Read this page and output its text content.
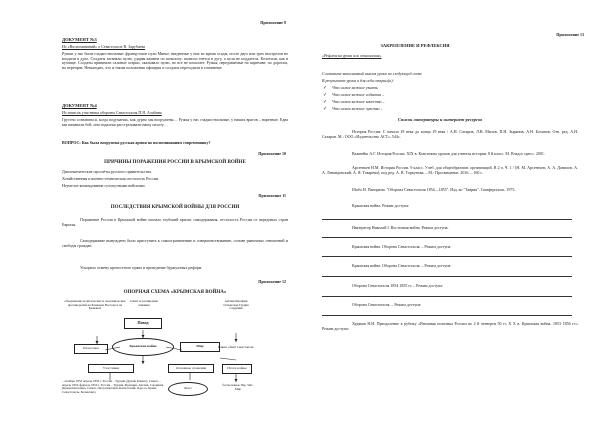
Приложение 9
ДОКУМЕНТ №3
Из «Воспоминаний» о Севастополе В. Зарубаева
Рушки у нас были гладкоствольные; французские пули Минье, введенные у них во время осады, после двух или трех выстрелов не входили в дуло. Солдаты заганяли пулю, ударяя камнем по шомполу; шомпол гнется в дугу, а пуля не поддается. Колотили, как в кузнице. Солдаты привязали сальные огарки, оказывало пулю, но все не помогает. Ружья, передаваемые на парениве, по дорогам, на переправ. Невыгодно, что и таким положения офицеры и солдаты переходили в сочинение.
ДОКУМЕНТ №4
Из записок участника обороны Севастополя П.Я. Алабина
Грустно сознаваться, когда подумаешь, как дурно мы вооружены… Ружья у нас гладкоствольные, у наших врагов – нарезные. Едва мы начинали бой, они издалека расстреливали нашу пехоту…
ВОПРОС: Как была вооружена русская армия по воспоминаниям современнику?
Приложение 10
ПРИЧИНЫ ПОРАЖЕНИЯ РОССИИ В КРЫМСКОЙ ВОЙНЕ
Дипломатические просчёты русского правительства.
Хозяйственная и военно-техническая отсталость России.
Неумелое командование сухопутными войсками.
Приложение 11
ПОСЛЕДСТВИЯ КРЫМСКОЙ ВОЙНЫ ДЛЯ РОССИИ
Поражение России в Крымской войне оказало глубокий кризис самодержавия, отсталость России от передовых стран Европы.
Самодержавие вынуждено было приступить к самоограничению и совершенствованию, основе рыночных отношений и свободы граждан.
Ускорило отмену крепостного права и проведение буржуазных реформ.
Приложение 12
ОПОРНАЯ СХЕМА «КРЫМСКАЯ ВОЙНА»
объединение политических и экономических противоречий на Ближнем Востоке и на Балканах
захват и расширение влияния
Повод
Англия Франция Османская Турция Сардиния
Палестина	Крымская война	Мир	Кавказ обвит Севастополь
Участники	Основные сражения	Итоги войны
– октябрь 1853 апрель 1856 г. Россия – Турция (Дунай, Кавказ), Синоп. – апрель 1856 февраль 1856 г. Россия – Турция, Франция, Англия, Сардиния (Крымская война, Синоп, Петропавловск-Камчатский, Одесса, Крым, Севастополь, Балаклава)
Флот
бесполезные Пар. Чис. Мир
Приложение 13
ЗАКРЕПЛЕНИЕ И РЕФЛЕКСИЯ
«Рефлексия урока или отношения»
Составьте выполнимый анализ урока по следующей схеме
В результате урока я для себя открыл(а):
✓ Что самое важное узнать
✓ Что самое важное события –
✓ Что самое важное качество –
✓ Что самое важное чувство –
Список литературы и интернет-ресурсов
История России: С начала 18 века до конца 19 века / А.Н. Сахаров, Л.В. Милов, П.Н. Зырянов, А.Н. Боханов; Отв. ред. А.Н. Сахаров. М.: ООО «Издательство АСТ», 544с.
Важнейш А.Г. История России. XIX в. Конспекты уроков для учителя истории. 8 й класс. М. Владос пресс. 2001.
Арсентьев Н.М. История России. 9 класс. Учеб. для общеобразоват. организаций. В 2 ч. Ч. 1 / [Н. М. Арсентьев, А. А. Данилов, А. А. Левандовский, А. Я. Токарева]; под ред. А. В. Торкунова. – М.: Просвещение, 2016. – 160 с.
Шабо Н. Панорама. "Оборона Севастополя 1854—1855". Изд. во "Таврия". Симферополь. 1975.
Крымская война. Режим доступа:
Император Николай I. Восточная война. Режим доступа:
Крымская война. Оборона Севастополя. – Режим доступа:
Крымская война. Оборона Севастополя. – Режим доступа:
Оборона Севастополя 1854 1855 гг. – Режим доступа:
Оборона Севастополя. – Режим доступа:
Худяков Н.И. Преодоление к рубежу «Внешняя политика России во 2 й четверти 50 гг. Х Х в. Крымская война. 1853 1856 гг.» Режим доступа:
